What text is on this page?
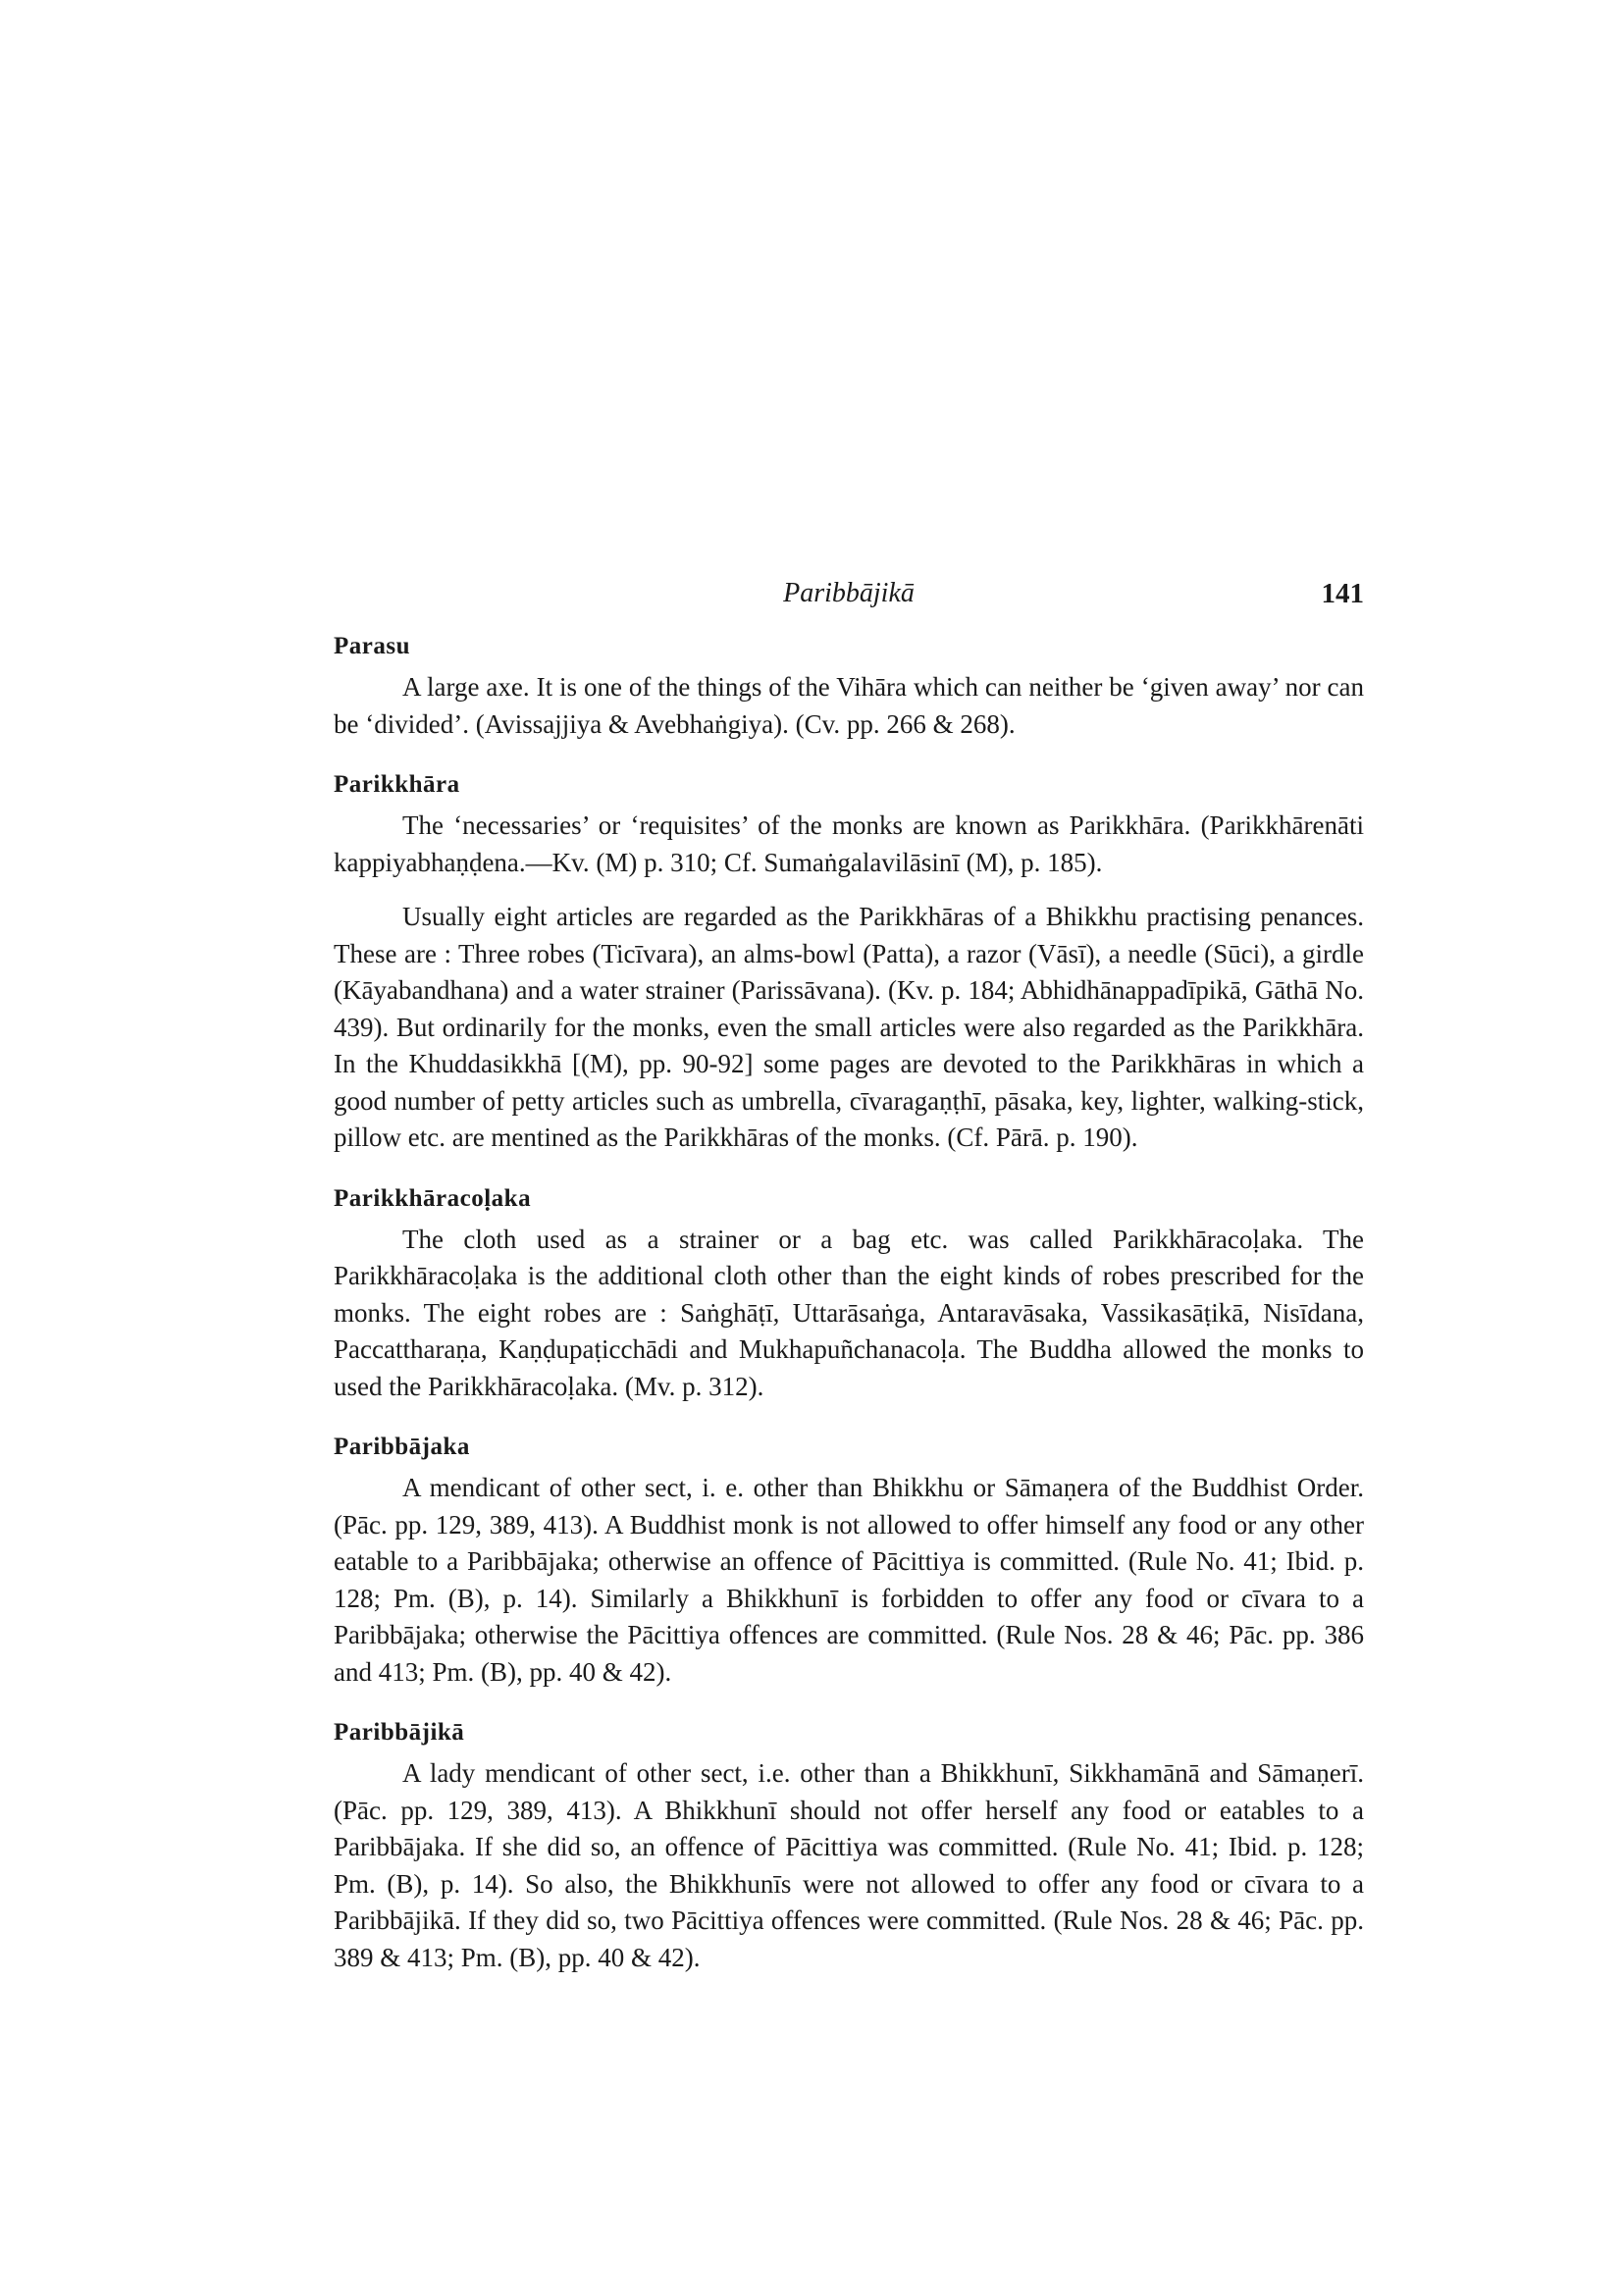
Paribbājikā	141
Parasu

A large axe. It is one of the things of the Vihāra which can neither be ‘given away’ nor can be ‘divided’. (Avissajjiya & Avebhaṅgiya). (Cv. pp. 266 & 268).

Parikkhāra

The ‘necessaries’ or ‘requisites’ of the monks are known as Parikkhāra. (Parikkhārenāti kappiyabhaṇḍena.—Kv. (M) p. 310; Cf. Sumaṅgalavilāsinī (M), p. 185).

Usually eight articles are regarded as the Parikkhāras of a Bhikkhu practising penances. These are : Three robes (Ticīvara), an alms-bowl (Patta), a razor (Vāsī), a needle (Sūci), a girdle (Kāyabandhana) and a water strainer (Parissāvana). (Kv. p. 184; Abhidhānappadīpikā, Gāthā No. 439). But ordinarily for the monks, even the small articles were also regarded as the Parikkhāra. In the Khuddasikkhā [(M), pp. 90-92] some pages are devoted to the Parikkhāras in which a good number of petty articles such as umbrella, cīvaragaṇṭhī, pāsaka, key, lighter, walking-stick, pillow etc. are mentined as the Parikkhāras of the monks. (Cf. Pārā. p. 190).

Parikkhāracoḷaka

The cloth used as a strainer or a bag etc. was called Parikkhāracoḷaka. The Parikkhāracoḷaka is the additional cloth other than the eight kinds of robes prescribed for the monks. The eight robes are : Saṅghāṭī, Uttarāsaṅga, Antaravāsaka, Vassikasāṭikā, Nisīdana, Paccattharaṇa, Kaṇḍupaṭicchādi and Mukhapuñchanacoḷa. The Buddha allowed the monks to used the Parikkhāracoḷaka. (Mv. p. 312).

Paribbājaka

A mendicant of other sect, i. e. other than Bhikkhu or Sāmaṇera of the Buddhist Order. (Pāc. pp. 129, 389, 413). A Buddhist monk is not allowed to offer himself any food or any other eatable to a Paribbājaka; otherwise an offence of Pācittiya is committed. (Rule No. 41; Ibid. p. 128; Pm. (B), p. 14). Similarly a Bhikkhunī is forbidden to offer any food or cīvara to a Paribbājaka; otherwise the Pācittiya offences are committed. (Rule Nos. 28 & 46; Pāc. pp. 386 and 413; Pm. (B), pp. 40 & 42).

Paribbājikā

A lady mendicant of other sect, i.e. other than a Bhikkhunī, Sikkhamānā and Sāmaṇerī. (Pāc. pp. 129, 389, 413). A Bhikkhunī should not offer herself any food or eatables to a Paribbājaka. If she did so, an offence of Pācittiya was committed. (Rule No. 41; Ibid. p. 128; Pm. (B), p. 14). So also, the Bhikkhunīs were not allowed to offer any food or cīvara to a Paribbājikā. If they did so, two Pācittiya offences were committed. (Rule Nos. 28 & 46; Pāc. pp. 389 & 413; Pm. (B), pp. 40 & 42).
